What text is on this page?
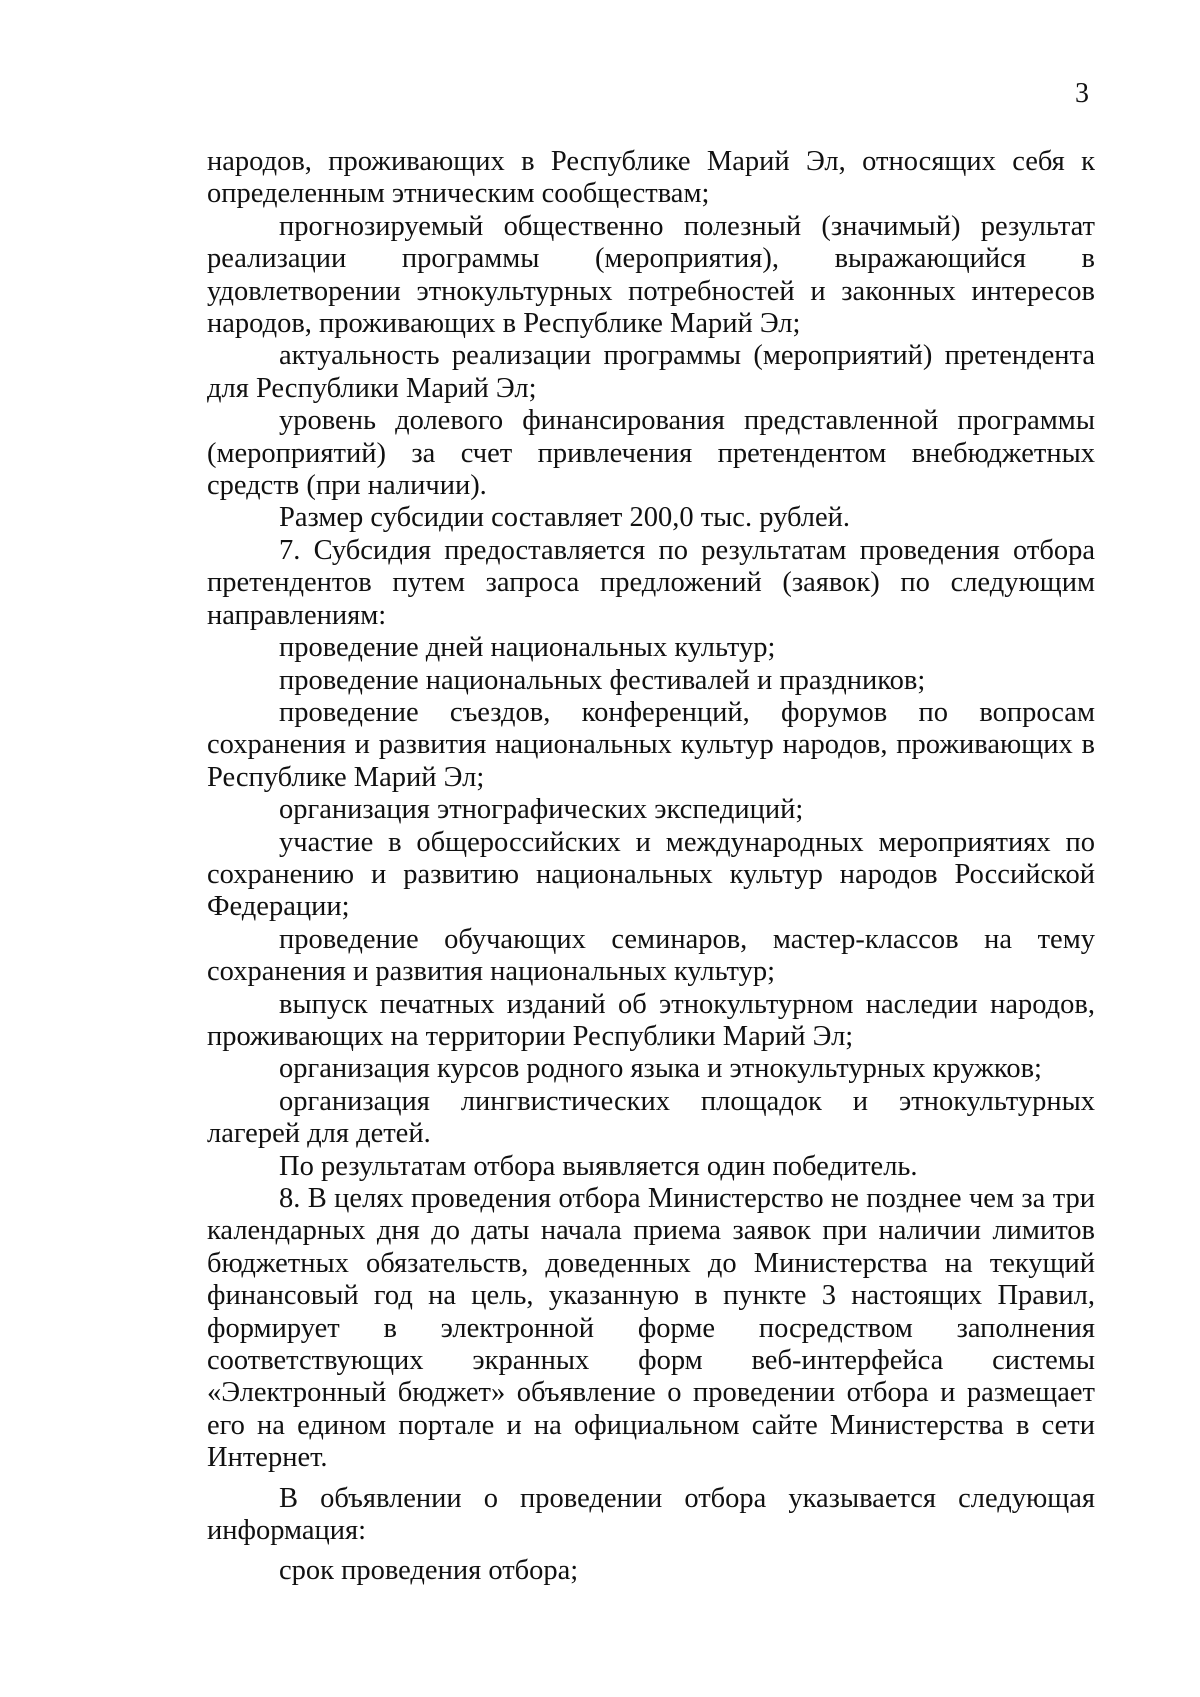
3

народов, проживающих в Республике Марий Эл, относящих себя к определенным этническим сообществам;

прогнозируемый общественно полезный (значимый) результат реализации программы (мероприятия), выражающийся в удовлетворении этнокультурных потребностей и законных интересов народов, проживающих в Республике Марий Эл;

актуальность реализации программы (мероприятий) претендента для Республики Марий Эл;

уровень долевого финансирования представленной программы (мероприятий) за счет привлечения претендентом внебюджетных средств (при наличии).

Размер субсидии составляет 200,0 тыс. рублей.

7. Субсидия предоставляется по результатам проведения отбора претендентов путем запроса предложений (заявок) по следующим направлениям:

проведение дней национальных культур;

проведение национальных фестивалей и праздников;

проведение съездов, конференций, форумов по вопросам сохранения и развития национальных культур народов, проживающих в Республике Марий Эл;

организация этнографических экспедиций;

участие в общероссийских и международных мероприятиях по сохранению и развитию национальных культур народов Российской Федерации;

проведение обучающих семинаров, мастер-классов на тему сохранения и развития национальных культур;

выпуск печатных изданий об этнокультурном наследии народов, проживающих на территории Республики Марий Эл;

организация курсов родного языка и этнокультурных кружков;

организация лингвистических площадок и этнокультурных лагерей для детей.

По результатам отбора выявляется один победитель.

8. В целях проведения отбора Министерство не позднее чем за три календарных дня до даты начала приема заявок при наличии лимитов бюджетных обязательств, доведенных до Министерства на текущий финансовый год на цель, указанную в пункте 3 настоящих Правил, формирует в электронной форме посредством заполнения соответствующих экранных форм веб-интерфейса системы «Электронный бюджет» объявление о проведении отбора и размещает его на едином портале и на официальном сайте Министерства в сети Интернет.

В объявлении о проведении отбора указывается следующая информация:

срок проведения отбора;
